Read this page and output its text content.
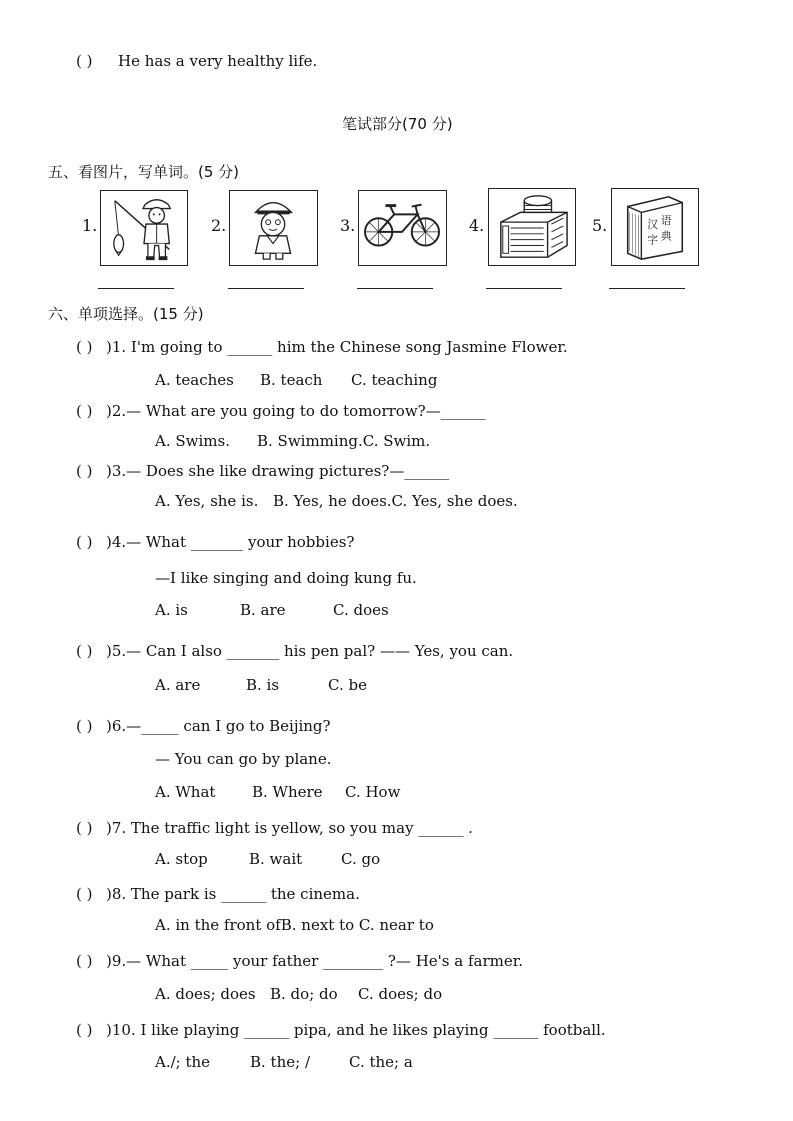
( ) He has a very healthy life.
笔试部分(70 分)
五、看图片，写单词。(5 分)
1.	2.	3.	4.	5.	汉 语
字 典
六、单项选择。(15 分)
( ) )1. I'm going to ______ him the Chinese song Jasmine Flower.
A. teaches B. teach C. teaching
( ) )2.— What are you going to do tomorrow?—______
A. Swims. B. Swimming.C. Swim.
( ) )3.— Does she like drawing pictures?—______
A. Yes, she is. B. Yes, he does.C. Yes, she does.
( ) )4.— What _______ your hobbies?
—I like singing and doing kung fu.
A. is	B. are	C. does
( ) )5.— Can I also _______ his pen pal? —— Yes, you can.
A. are	B. is	C. be
( ) )6.—_____ can I go to Beijing?
— You can go by plane.
A. What B. Where C. How
( ) )7. The traffic light is yellow, so you may ______ .
A. stop	B. wait	C. go
( ) )8. The park is ______ the cinema.
A. in the front ofB. next to C. near to
( ) )9.— What _____ your father ________ ?— He's a farmer.
A. does; does B. do; do C. does; do
( ) )10. I like playing ______ pipa, and he likes playing ______ football.
A./; the	B. the; /	C. the; a
